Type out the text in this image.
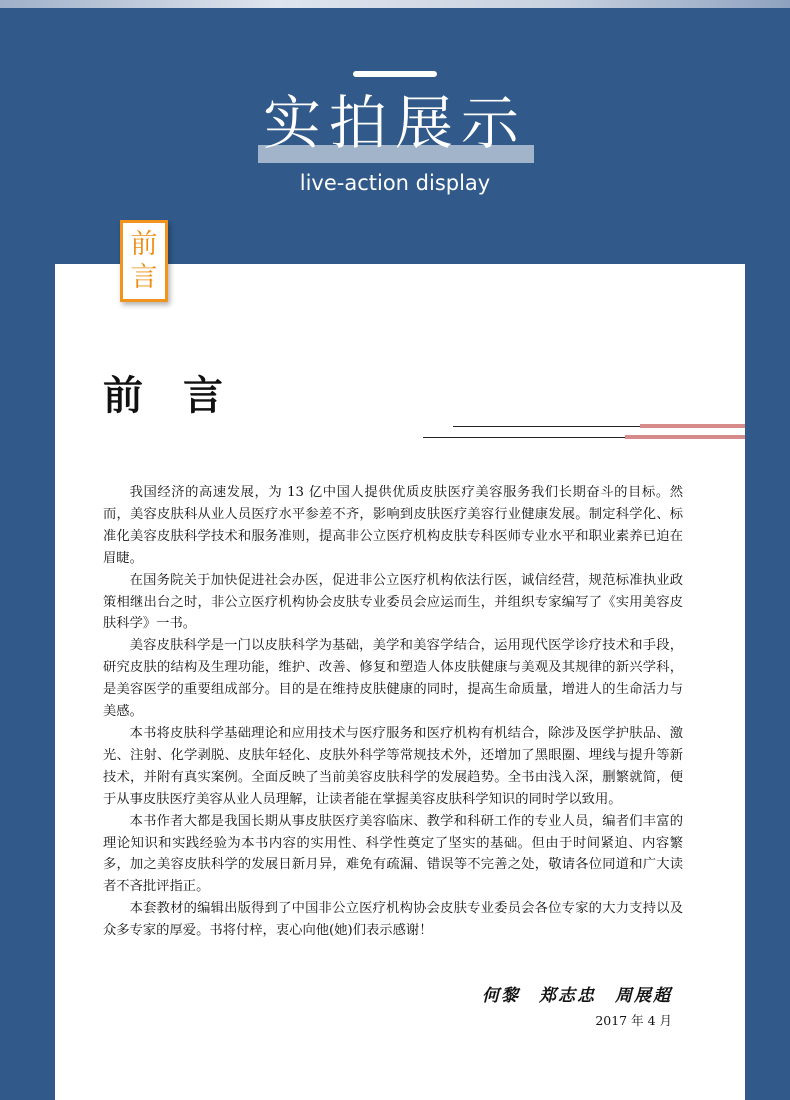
实拍展示
live-action display
前
言
前言

我国经济的高速发展，为 13 亿中国人提供优质皮肤医疗美容服务我们长期奋斗的目标。然而，美容皮肤科从业人员医疗水平参差不齐，影响到皮肤医疗美容行业健康发展。制定科学化、标准化美容皮肤科学技术和服务准则，提高非公立医疗机构皮肤专科医师专业水平和职业素养已迫在眉睫。

在国务院关于加快促进社会办医，促进非公立医疗机构依法行医，诚信经营，规范标准执业政策相继出台之时，非公立医疗机构协会皮肤专业委员会应运而生，并组织专家编写了《实用美容皮肤科学》一书。

美容皮肤科学是一门以皮肤科学为基础，美学和美容学结合，运用现代医学诊疗技术和手段，研究皮肤的结构及生理功能，维护、改善、修复和塑造人体皮肤健康与美观及其规律的新兴学科，是美容医学的重要组成部分。目的是在维持皮肤健康的同时，提高生命质量，增进人的生命活力与美感。

本书将皮肤科学基础理论和应用技术与医疗服务和医疗机构有机结合，除涉及医学护肤品、激光、注射、化学剥脱、皮肤年轻化、皮肤外科学等常规技术外，还增加了黑眼圈、埋线与提升等新技术，并附有真实案例。全面反映了当前美容皮肤科学的发展趋势。全书由浅入深，删繁就简，便于从事皮肤医疗美容从业人员理解，让读者能在掌握美容皮肤科学知识的同时学以致用。

本书作者大都是我国长期从事皮肤医疗美容临床、教学和科研工作的专业人员，编者们丰富的理论知识和实践经验为本书内容的实用性、科学性奠定了坚实的基础。但由于时间紧迫、内容繁多，加之美容皮肤科学的发展日新月异，难免有疏漏、错误等不完善之处，敬请各位同道和广大读者不吝批评指正。

本套教材的编辑出版得到了中国非公立医疗机构协会皮肤专业委员会各位专家的大力支持以及众多专家的厚爱。书将付梓，衷心向他(她)们表示感谢！

何黎　郑志忠　周展超
2017 年 4 月
